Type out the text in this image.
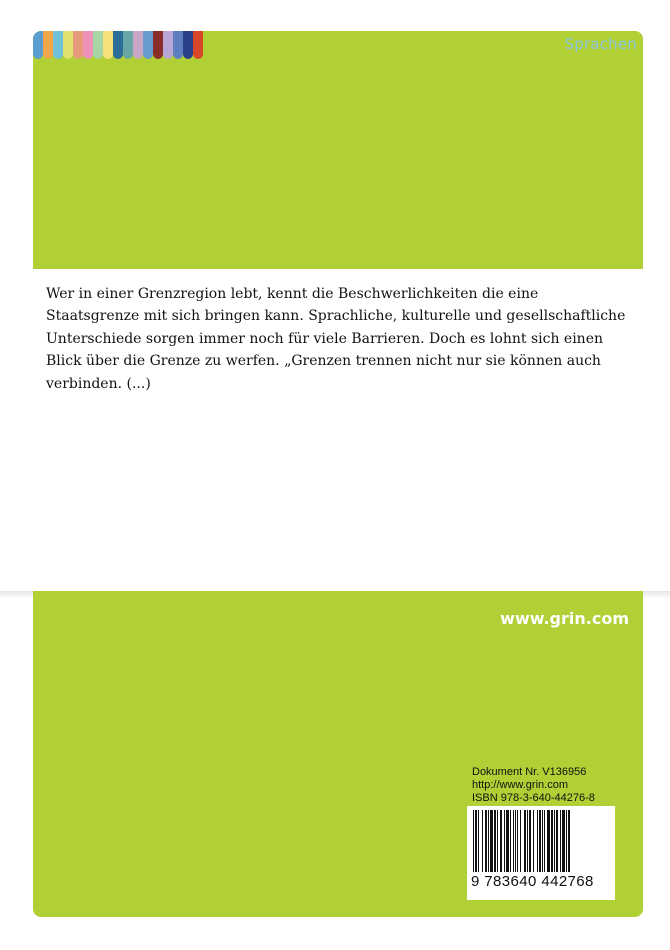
Sprachen

Wer in einer Grenzregion lebt, kennt die Beschwerlichkeiten die eine Staatsgrenze mit sich bringen kann. Sprachliche, kulturelle und gesellschaftliche Unterschiede sorgen immer noch für viele Barrieren. Doch es lohnt sich einen Blick über die Grenze zu werfen. „Grenzen trennen nicht nur sie können auch verbinden. (...)

www.grin.com
Dokument Nr. V136956
http://www.grin.com
ISBN 978-3-640-44276-8
9 783640 442768
